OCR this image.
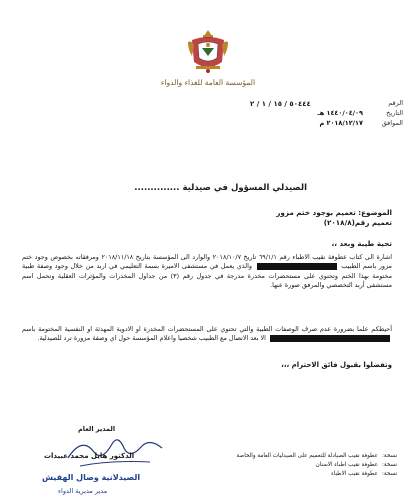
المؤسسة العامة للغذاء والدواء
الرقم
التاريخ
١٤٤٠/٠٤/٠٩ هـ
الموافق
٢٠١٨/١٢/١٧ م
٥٠٤٤٤ / ١٥ / ١ / ٢
الصيدلي المسؤول في صيدلية ..............
الموضوع: تعميم بوجود ختم مزور
تعميم رقم(٢٠١٨/٨)
تحية طيبة وبعد ،،
اشارة الى كتاب عطوفة نقيب الاطباء رقم ٦٩/١/١ تاريخ ٢٠١٨/١٠/٧ والوارد الى المؤسسة بتاريخ ٢٠١٨/١١/١٨ ومرفقاته بخصوص وجود ختم مزور باسم الطبيب  والذي يعمل في مستشفى الاميرة بسمة التعليمي في اربد من خلال وجود وصفة طبية مختومة بهذا الختم وتحتوي على مستحضرات مخدرة مدرجة في جدول رقم (٣) من جداول المخدرات والمؤثرات العقلية وتحمل اسم مستشفى أربد التخصصي والمرفق صورة عنها.
أحيطكم علما بضرورة عدم صرف الوصفات الطبية والتي تحتوي على المستحضرات المخدرة او الادوية المهدئة او النفسية المختومة باسم  الا بعد الاتصال مع الطبيب شخصيا واعلام المؤسسة حول اي وصفة مزورة ترد للصيدلية.
وتفضلوا بقبول فائق الاحترام ،،،
المدير العام
الدكتور هايل محمد عبيدات
الصيدلانية وصال الهقيش
مدير مديرية الدواء
نسخة:
عطوفة نقيب الصيادلة للتعميم على الصيدليات العامة والخاصة
نسخة:
عطوفة نقيب اطباء الاسنان
نسخة:
عطوفة نقيب الاطباء
